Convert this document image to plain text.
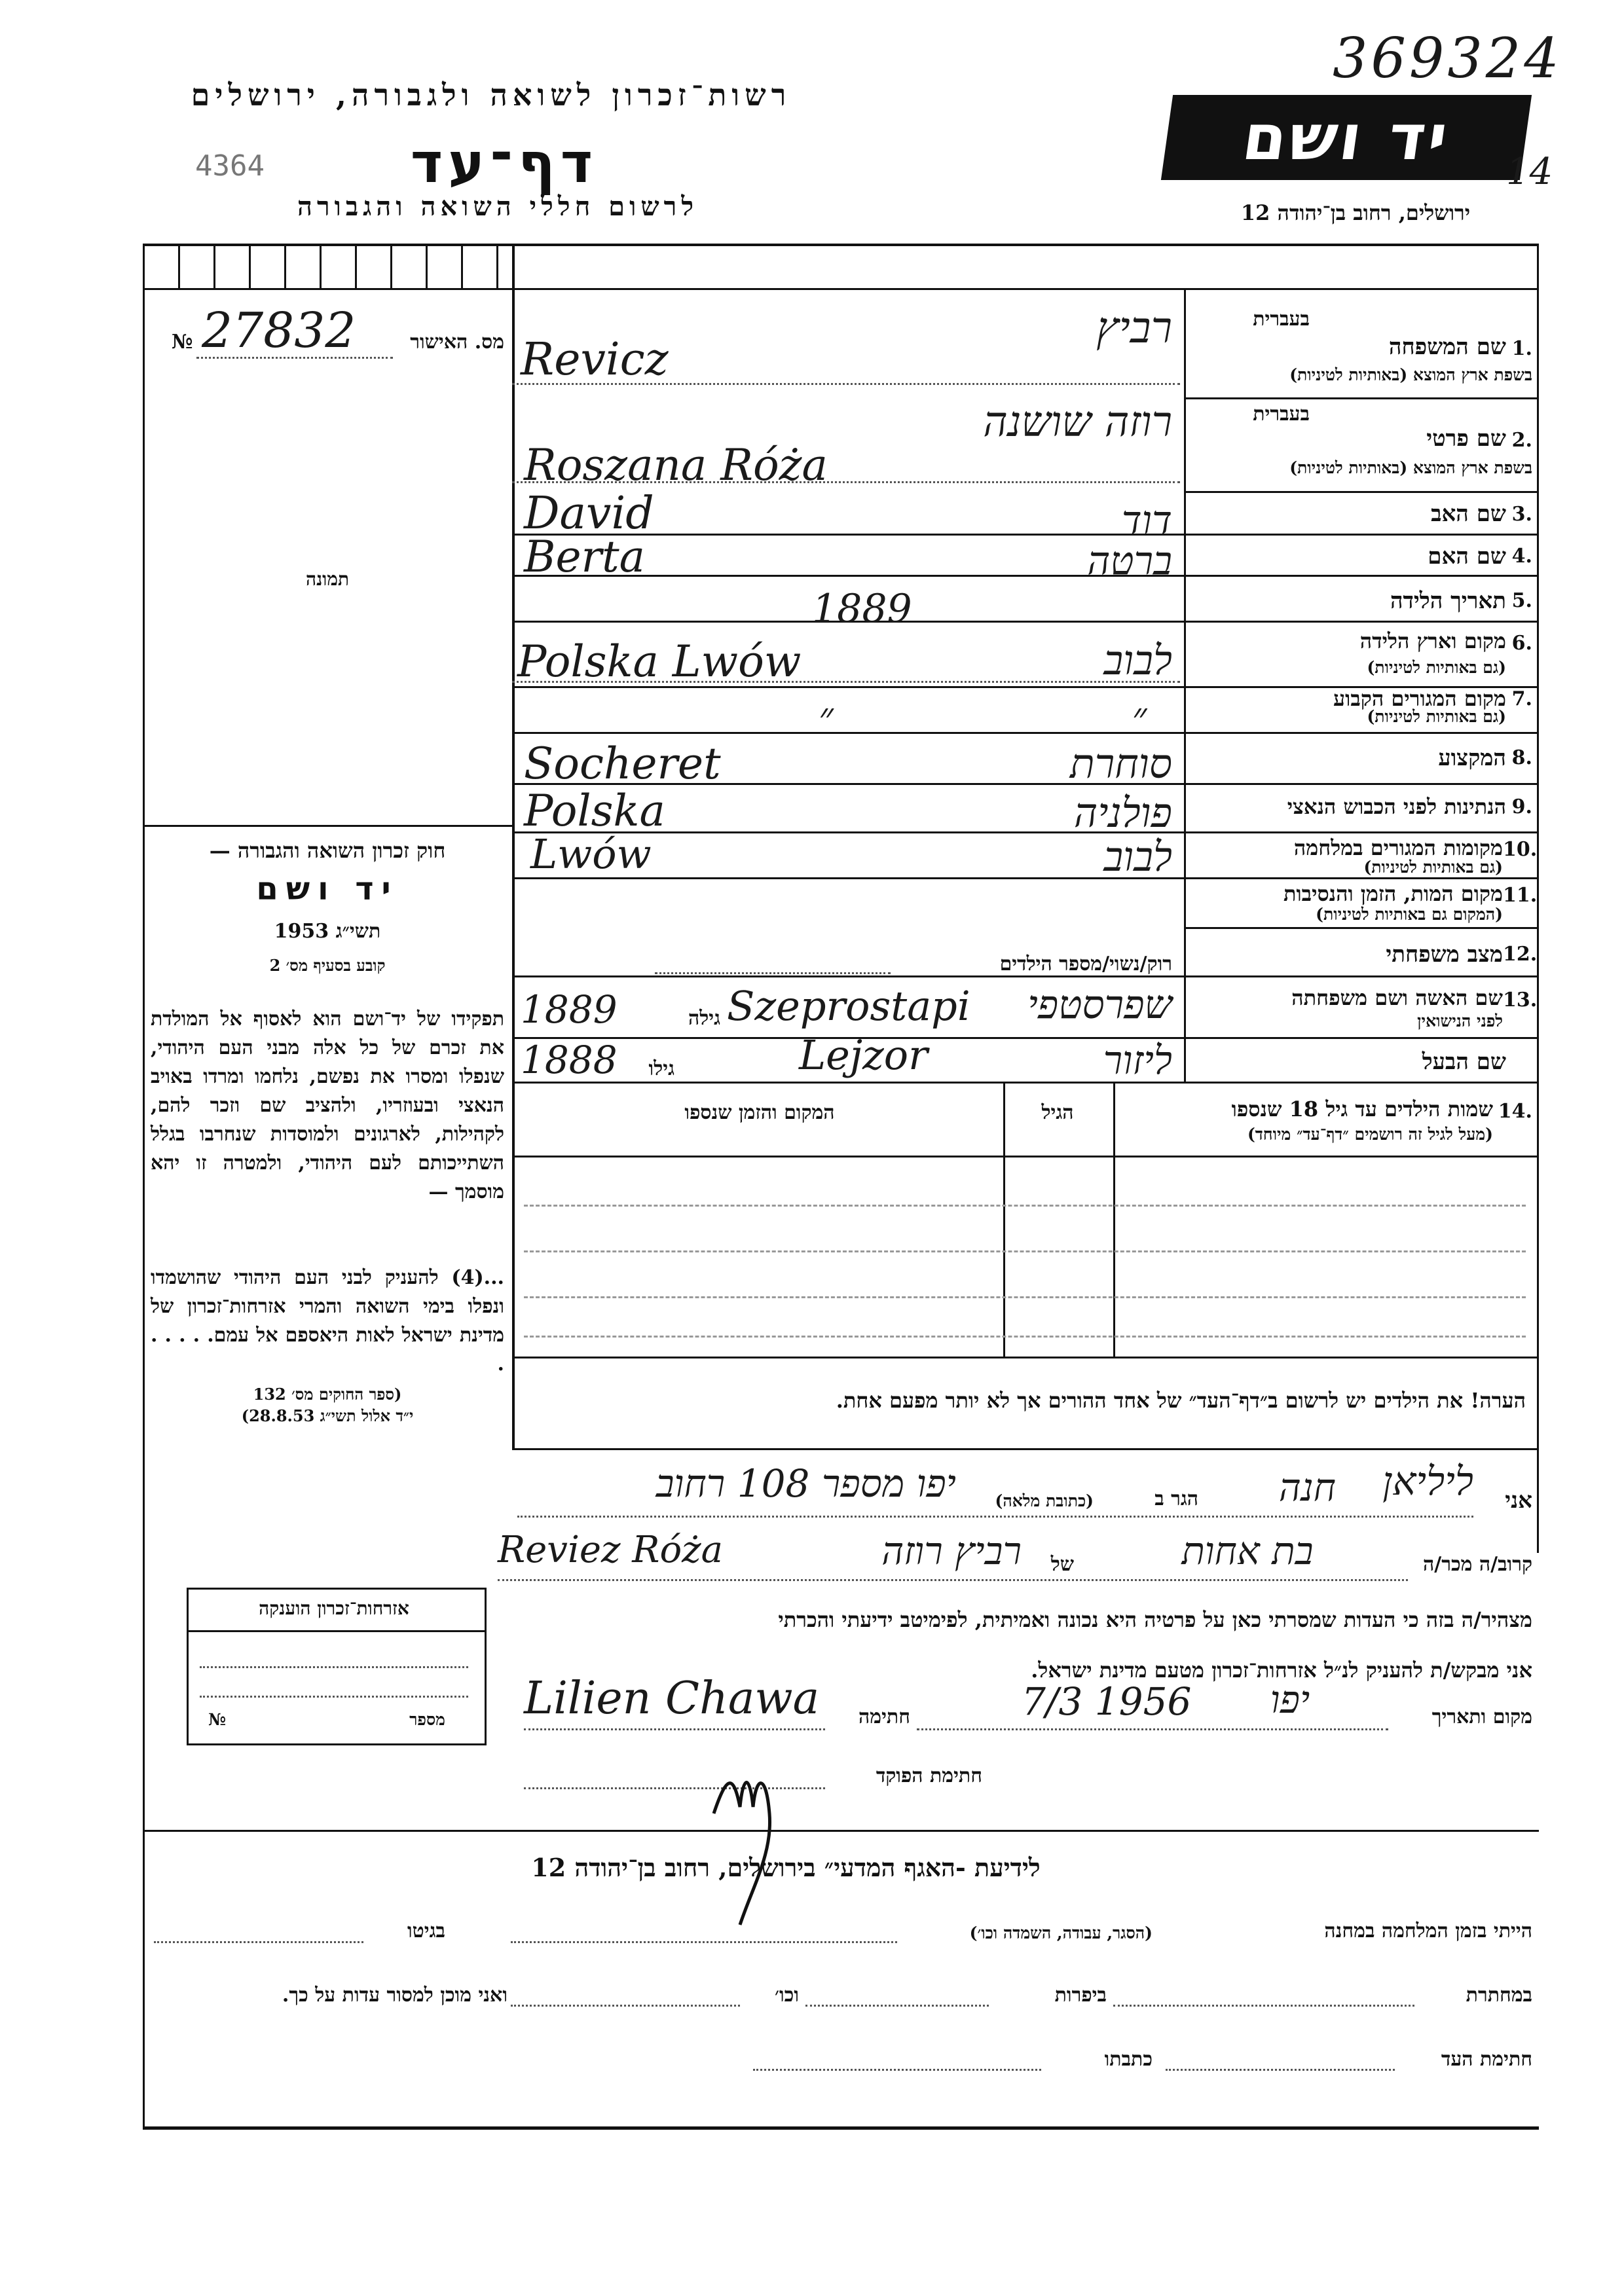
רשות־זכרון לשואה ולגבורה, ירושלים
4364	דף־עד
לרשום חללי השואה והגבורה
יד ושם
369324
14
ירושלים, רחוב בן־יהודה 12
№ 27832	מס. האישור
תמונה
חוק זכרון השואה והגבורה —
יד ושם
תשי״ג 1953
קובע בסעיף מס׳ 2
תפקידו של יד־ושם הוא לאסוף אל המולדת את זכרם של כל אלה מבני העם היהודי, שנפלו ומסרו את נפשם, נלחמו ומרדו באויב הנאצי ובעוזריו, ולהציב שם וזכר להם, לקהילות, לארגונים ולמוסדות שנחרבו בגלל השתייכותם לעם היהודי, ולמטרה זו יהא מוסמך —
...(4) להעניק לבני העם היהודי שהושמדו ונפלו בימי השואה והמרי אזרחות־זכרון של מדינת ישראל לאות היאספם אל עמם. . . . . .
(ספר החוקים מס׳ 132
י״ד אלול תשי״ג 28.8.53)
אזרחות־זכרון הוענקה
מספר
№
1.
בעברית
שם המשפחה
בשפת ארץ המוצא (באותיות לטיניות)
רביץ
Revicz
2.
בעברית
שם פרטי
בשפת ארץ המוצא (באותיות לטיניות)
רוזה שושנה
Roszana Róża
3.
שם האב
דוד
David
4.
שם האם
ברטה
Berta
5.
תאריך הלידה
1889
6.
מקום וארץ הלידה
(גם באותיות לטיניות)
לבוב
Polska Lwów
7.
מקום המגורים הקבוע
(גם באותיות לטיניות)
״
״
8.
המקצוע
סוחרת
Socheret
9.
הנתינות לפני הכבוש הנאצי
פולניה
Polska
10.
מקומות המגורים במלחמה
(גם באותיות לטיניות)
לבוב
Lwów
11.
מקום המות, הזמן והנסיבות
(המקום גם באותיות לטיניות)
12.
מצב משפחתי
רוק/נשוי/מספר הילדים
13.
שם האשה ושם משפחתה
לפני הנישואין
שפרסטפי
Szeprostapi
גילה
1889
שם הבעל
ליזור
Lejzor
גילו
1888
14.
שמות הילדים עד גיל 18 שנספו
(מעל לגיל זה רושמים ״דף־עד״ מיוחד)
הגיל
המקום והזמן שנספו
הערה! את הילדים יש לרשום ב״דף־העד״ של אחד ההורים אך לא יותר מפעם אחת.
אני
ליליאן
חנה
הגר ב
(כתובת מלאה)
יפו מספר 108 רחוב
קרוב/ה מכר/ה
בת אחות
של
רביץ רוזה
Reviez Róża
מצהיר/ה בזה כי העדות שמסרתי כאן על פרטיה היא נכונה ואמיתית, לפימיטב ידיעתי והכרתי
אני מבקש/ת להעניק לנ״ל אזרחות־זכרון מטעם מדינת ישראל.
מקום ותאריך
יפו
7/3 1956
חתימה
Lilien Chawa
חתימת הפוקד
לידיעת -האגף המדעי״ בירושלים, רחוב בן־יהודה 12
הייתי בזמן המלחמה במחנה
(הסגר, עבודה, השמדה וכו׳)
בגיטו
במחתרת
ביפרות
וכו׳
ואני מוכן למסור עדות על כך.
חתימת העד
כתבתו
